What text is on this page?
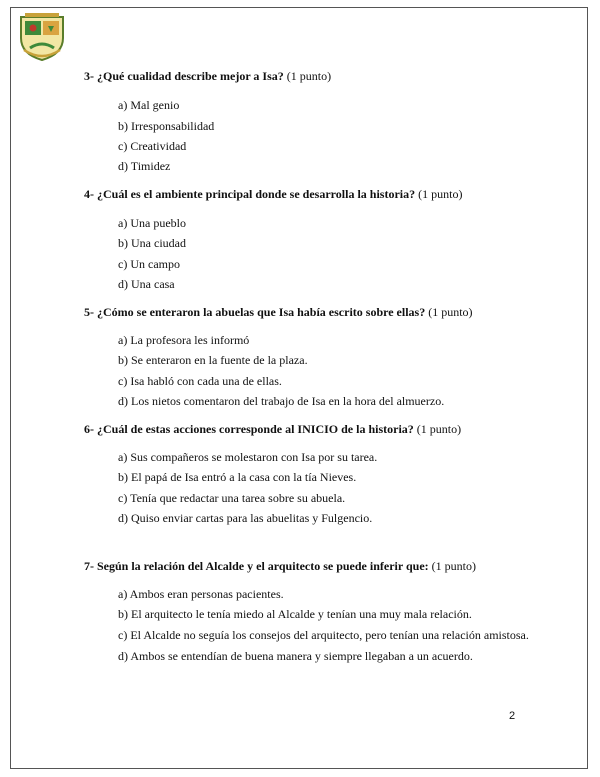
3- ¿Qué cualidad describe mejor a Isa? (1 punto)
a) Mal genio
b) Irresponsabilidad
c) Creatividad
d) Timidez
4- ¿Cuál es el ambiente principal donde se desarrolla la historia? (1 punto)
a) Una pueblo
b) Una ciudad
c) Un campo
d) Una casa
5- ¿Cómo se enteraron la abuelas que Isa había escrito sobre ellas? (1 punto)
a) La profesora les informó
b) Se enteraron en la fuente de la plaza.
c) Isa habló con cada una de ellas.
d) Los nietos comentaron del trabajo de Isa en la hora del almuerzo.
6- ¿Cuál de estas acciones corresponde al INICIO de la historia? (1 punto)
a) Sus compañeros se molestaron con Isa por su tarea.
b) El papá de Isa entró a la casa con la tía Nieves.
c) Tenía que redactar una tarea sobre su abuela.
d) Quiso enviar cartas para las abuelitas y Fulgencio.
7- Según la relación del Alcalde y el arquitecto se puede inferir que: (1 punto)
a) Ambos eran personas pacientes.
b) El arquitecto le tenía miedo al Alcalde y tenían una muy mala relación.
c) El Alcalde no seguía los consejos del arquitecto, pero tenían una relación amistosa.
d) Ambos se entendían de buena manera y siempre llegaban a un acuerdo.
2
